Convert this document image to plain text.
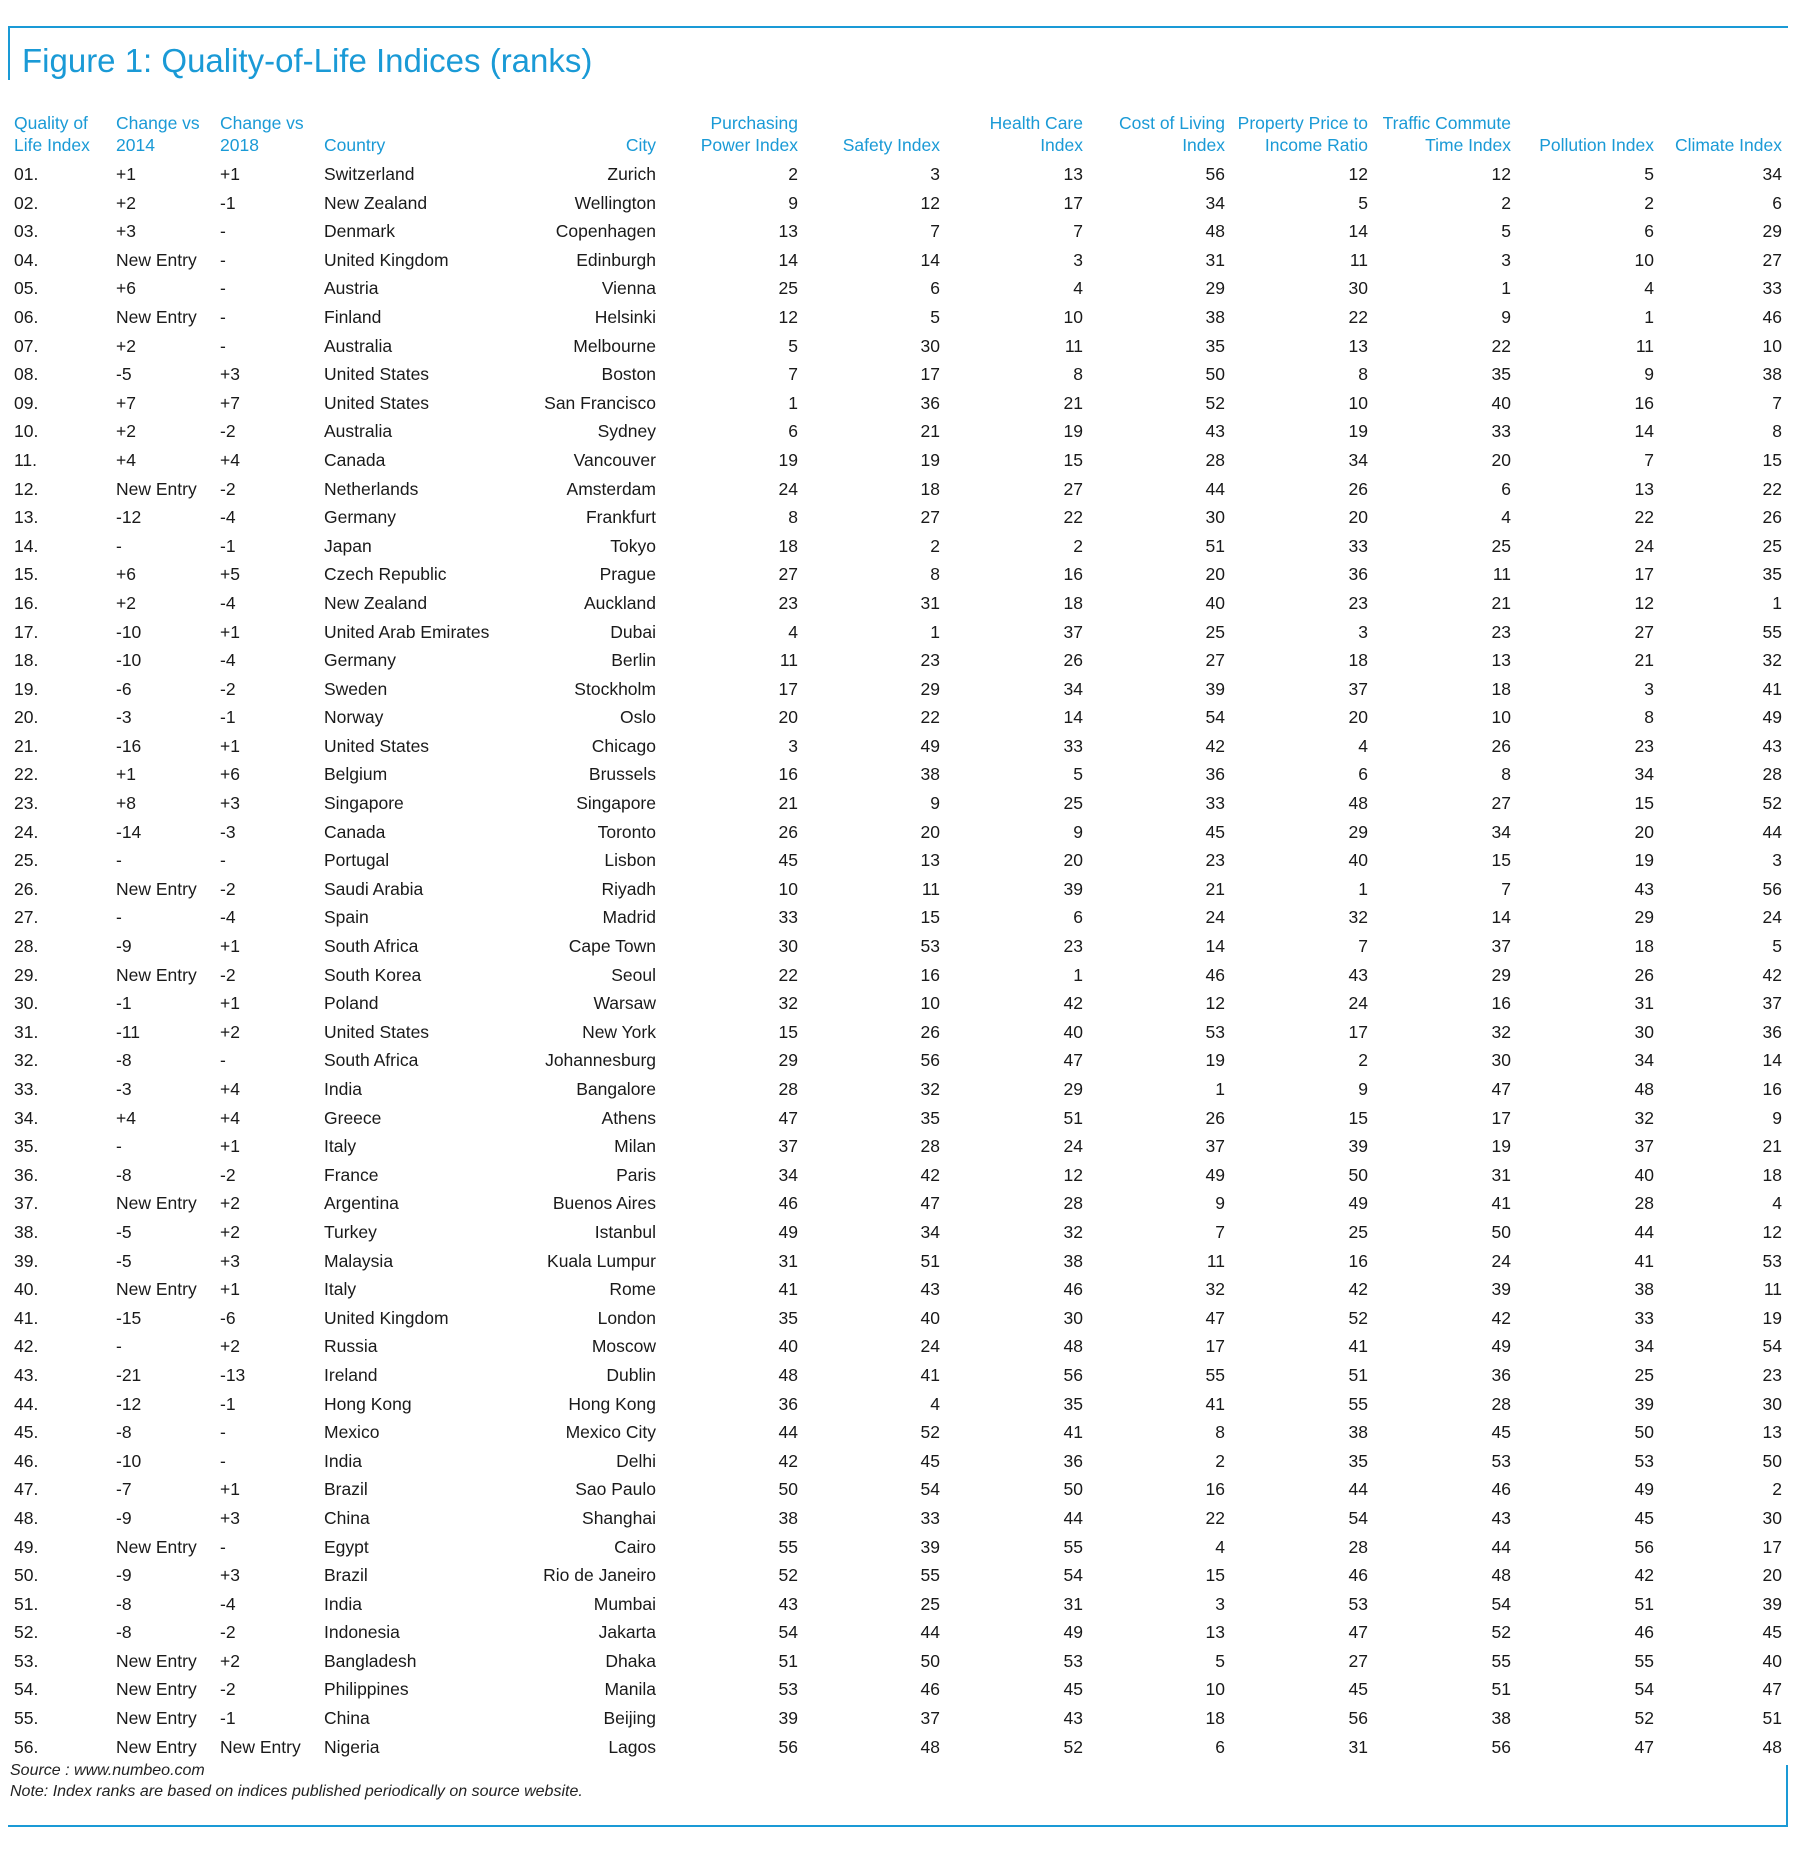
Figure 1: Quality-of-Life Indices (ranks)
Quality of Life Index	Change vs 2014	Change vs 2018	Country	City	Purchasing Power Index	Safety Index	Health Care Index	Cost of Living Index	Property Price to Income Ratio	Traffic Commute Time Index	Pollution Index	Climate Index
01.	+1	+1	Switzerland	Zurich	2	3	13	56	12	12	5	34
02.	+2	-1	New Zealand	Wellington	9	12	17	34	5	2	2	6
03.	+3	-	Denmark	Copenhagen	13	7	7	48	14	5	6	29
04.	New Entry	-	United Kingdom	Edinburgh	14	14	3	31	11	3	10	27
05.	+6	-	Austria	Vienna	25	6	4	29	30	1	4	33
06.	New Entry	-	Finland	Helsinki	12	5	10	38	22	9	1	46
07.	+2	-	Australia	Melbourne	5	30	11	35	13	22	11	10
08.	-5	+3	United States	Boston	7	17	8	50	8	35	9	38
09.	+7	+7	United States	San Francisco	1	36	21	52	10	40	16	7
10.	+2	-2	Australia	Sydney	6	21	19	43	19	33	14	8
11.	+4	+4	Canada	Vancouver	19	19	15	28	34	20	7	15
12.	New Entry	-2	Netherlands	Amsterdam	24	18	27	44	26	6	13	22
13.	-12	-4	Germany	Frankfurt	8	27	22	30	20	4	22	26
14.	-	-1	Japan	Tokyo	18	2	2	51	33	25	24	25
15.	+6	+5	Czech Republic	Prague	27	8	16	20	36	11	17	35
16.	+2	-4	New Zealand	Auckland	23	31	18	40	23	21	12	1
17.	-10	+1	United Arab Emirates	Dubai	4	1	37	25	3	23	27	55
18.	-10	-4	Germany	Berlin	11	23	26	27	18	13	21	32
19.	-6	-2	Sweden	Stockholm	17	29	34	39	37	18	3	41
20.	-3	-1	Norway	Oslo	20	22	14	54	20	10	8	49
21.	-16	+1	United States	Chicago	3	49	33	42	4	26	23	43
22.	+1	+6	Belgium	Brussels	16	38	5	36	6	8	34	28
23.	+8	+3	Singapore	Singapore	21	9	25	33	48	27	15	52
24.	-14	-3	Canada	Toronto	26	20	9	45	29	34	20	44
25.	-	-	Portugal	Lisbon	45	13	20	23	40	15	19	3
26.	New Entry	-2	Saudi Arabia	Riyadh	10	11	39	21	1	7	43	56
27.	-	-4	Spain	Madrid	33	15	6	24	32	14	29	24
28.	-9	+1	South Africa	Cape Town	30	53	23	14	7	37	18	5
29.	New Entry	-2	South Korea	Seoul	22	16	1	46	43	29	26	42
30.	-1	+1	Poland	Warsaw	32	10	42	12	24	16	31	37
31.	-11	+2	United States	New York	15	26	40	53	17	32	30	36
32.	-8	-	South Africa	Johannesburg	29	56	47	19	2	30	34	14
33.	-3	+4	India	Bangalore	28	32	29	1	9	47	48	16
34.	+4	+4	Greece	Athens	47	35	51	26	15	17	32	9
35.	-	+1	Italy	Milan	37	28	24	37	39	19	37	21
36.	-8	-2	France	Paris	34	42	12	49	50	31	40	18
37.	New Entry	+2	Argentina	Buenos Aires	46	47	28	9	49	41	28	4
38.	-5	+2	Turkey	Istanbul	49	34	32	7	25	50	44	12
39.	-5	+3	Malaysia	Kuala Lumpur	31	51	38	11	16	24	41	53
40.	New Entry	+1	Italy	Rome	41	43	46	32	42	39	38	11
41.	-15	-6	United Kingdom	London	35	40	30	47	52	42	33	19
42.	-	+2	Russia	Moscow	40	24	48	17	41	49	34	54
43.	-21	-13	Ireland	Dublin	48	41	56	55	51	36	25	23
44.	-12	-1	Hong Kong	Hong Kong	36	4	35	41	55	28	39	30
45.	-8	-	Mexico	Mexico City	44	52	41	8	38	45	50	13
46.	-10	-	India	Delhi	42	45	36	2	35	53	53	50
47.	-7	+1	Brazil	Sao Paulo	50	54	50	16	44	46	49	2
48.	-9	+3	China	Shanghai	38	33	44	22	54	43	45	30
49.	New Entry	-	Egypt	Cairo	55	39	55	4	28	44	56	17
50.	-9	+3	Brazil	Rio de Janeiro	52	55	54	15	46	48	42	20
51.	-8	-4	India	Mumbai	43	25	31	3	53	54	51	39
52.	-8	-2	Indonesia	Jakarta	54	44	49	13	47	52	46	45
53.	New Entry	+2	Bangladesh	Dhaka	51	50	53	5	27	55	55	40
54.	New Entry	-2	Philippines	Manila	53	46	45	10	45	51	54	47
55.	New Entry	-1	China	Beijing	39	37	43	18	56	38	52	51
56.	New Entry	New Entry	Nigeria	Lagos	56	48	52	6	31	56	47	48
Source : www.numbeo.com
Note: Index ranks are based on indices published periodically on source website.
